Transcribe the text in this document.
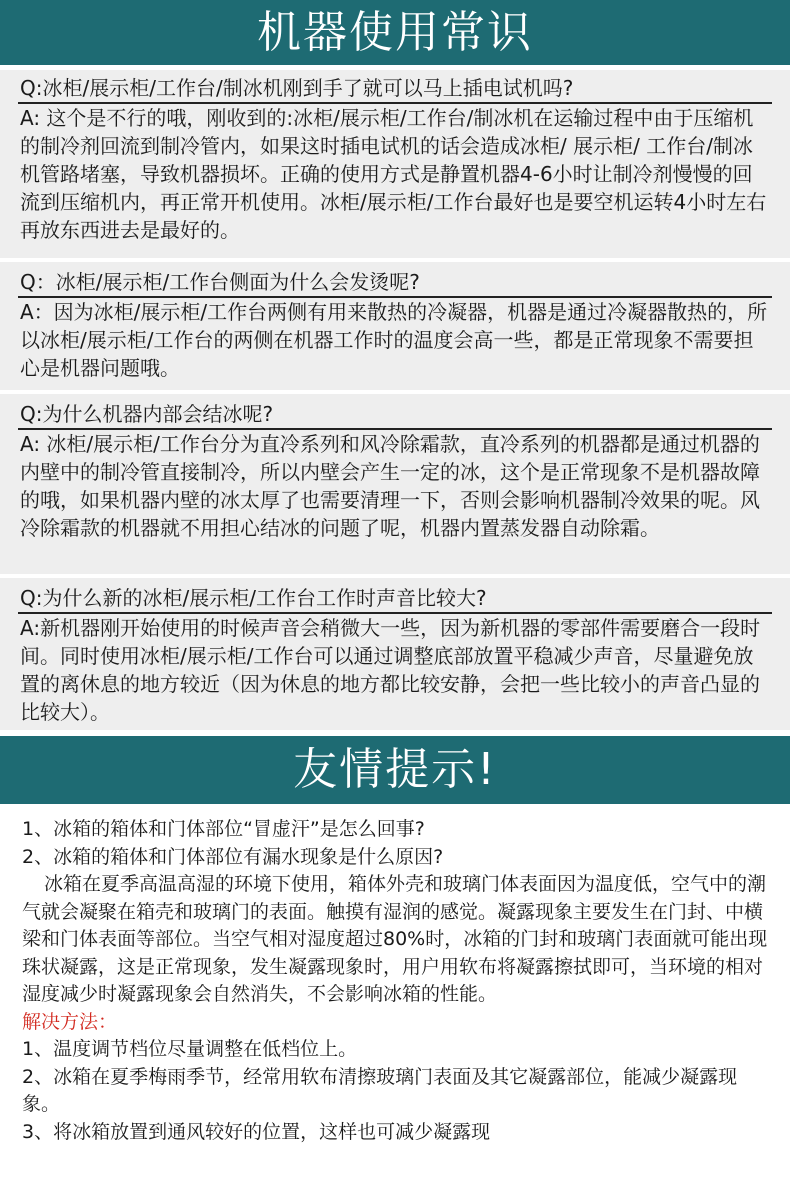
机器使用常识
Q:冰柜/展示柜/工作台/制冰机刚到手了就可以马上插电试机吗?
A: 这个是不行的哦，刚收到的:冰柜/展示柜/工作台/制冰机在运输过程中由于压缩机的制冷剂回流到制冷管内，如果这时插电试机的话会造成冰柜/ 展示柜/ 工作台/制冰机管路堵塞，导致机器损坏。正确的使用方式是静置机器4-6小时让制冷剂慢慢的回流到压缩机内，再正常开机使用。冰柜/展示柜/工作台最好也是要空机运转4小时左右再放东西进去是最好的。
Q：冰柜/展示柜/工作台侧面为什么会发烫呢?
A：因为冰柜/展示柜/工作台两侧有用来散热的冷凝器，机器是通过冷凝器散热的，所以冰柜/展示柜/工作台的两侧在机器工作时的温度会高一些，都是正常现象不需要担心是机器问题哦。
Q:为什么机器内部会结冰呢?
A: 冰柜/展示柜/工作台分为直冷系列和风冷除霜款，直冷系列的机器都是通过机器的内壁中的制冷管直接制冷，所以内壁会产生一定的冰，这个是正常现象不是机器故障的哦，如果机器内壁的冰太厚了也需要清理一下，否则会影响机器制冷效果的呢。风冷除霜款的机器就不用担心结冰的问题了呢，机器内置蒸发器自动除霜。
Q:为什么新的冰柜/展示柜/工作台工作时声音比较大?
A:新机器刚开始使用的时候声音会稍微大一些，因为新机器的零部件需要磨合一段时间。同时使用冰柜/展示柜/工作台可以通过调整底部放置平稳减少声音，尽量避免放置的离休息的地方较近（因为休息的地方都比较安静，会把一些比较小的声音凸显的比较大）。
友情提示!

1、冰箱的箱体和门体部位“冒虚汗”是怎么回事?

2、冰箱的箱体和门体部位有漏水现象是什么原因?

冰箱在夏季高温高湿的环境下使用，箱体外壳和玻璃门体表面因为温度低，空气中的潮气就会凝聚在箱壳和玻璃门的表面。触摸有湿润的感觉。凝露现象主要发生在门封、中横梁和门体表面等部位。当空气相对湿度超过80%时，冰箱的门封和玻璃门表面就可能出现珠状凝露，这是正常现象，发生凝露现象时，用户用软布将凝露擦拭即可，当环境的相对湿度减少时凝露现象会自然消失，不会影响冰箱的性能。

解决方法：

1、温度调节档位尽量调整在低档位上。

2、冰箱在夏季梅雨季节，经常用软布清擦玻璃门表面及其它凝露部位，能减少凝露现象。

3、将冰箱放置到通风较好的位置，这样也可减少凝露现
